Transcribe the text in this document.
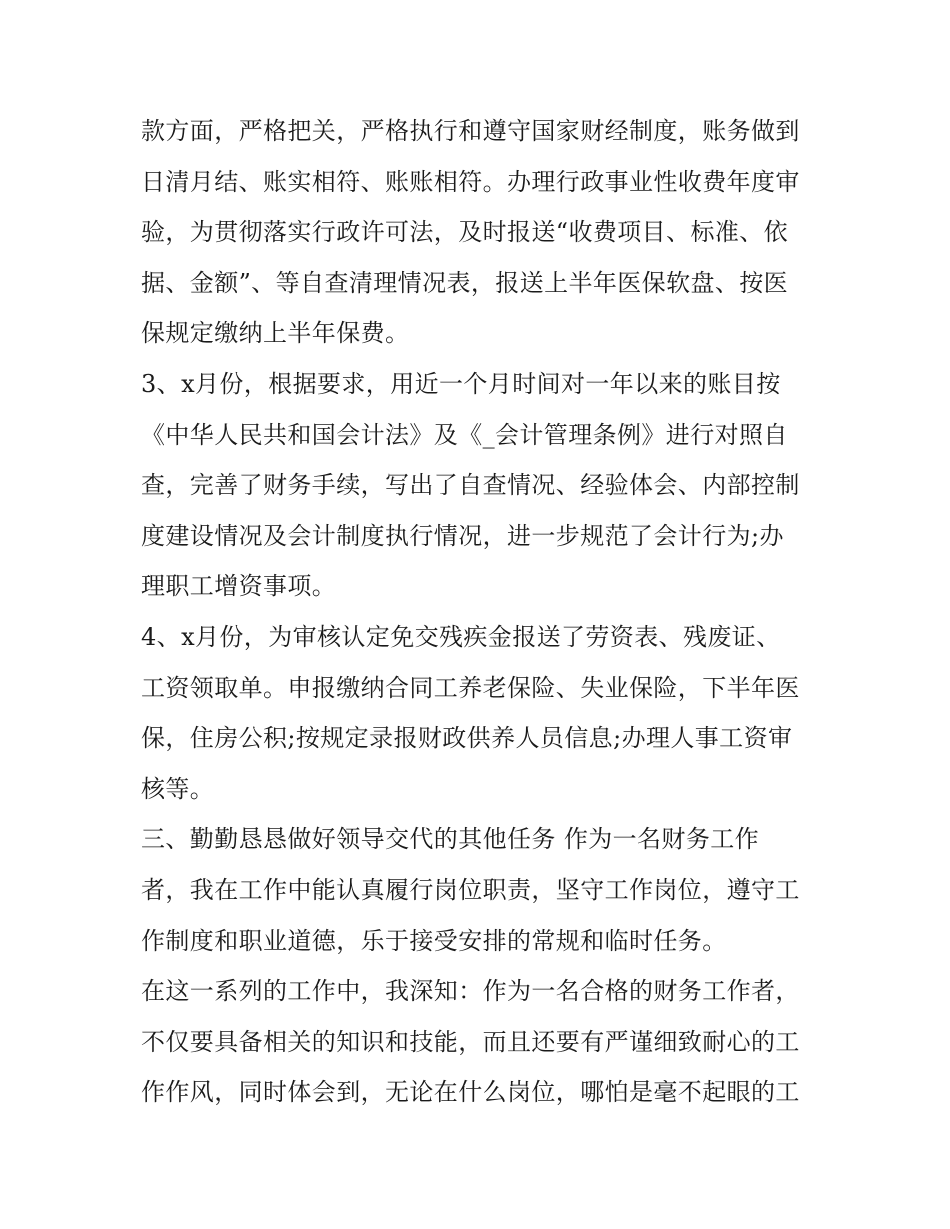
款方面，严格把关，严格执行和遵守国家财经制度，账务做到
日清月结、账实相符、账账相符。办理行政事业性收费年度审
验，为贯彻落实行政许可法，及时报送“收费项目、标准、依
据、金额”、等自查清理情况表，报送上半年医保软盘、按医
保规定缴纳上半年保费。
3、x月份，根据要求，用近一个月时间对一年以来的账目按
《中华人民共和国会计法》及《_会计管理条例》进行对照自
查，完善了财务手续，写出了自查情况、经验体会、内部控制
度建设情况及会计制度执行情况，进一步规范了会计行为;办
理职工增资事项。
4、x月份，为审核认定免交残疾金报送了劳资表、残废证、
工资领取单。申报缴纳合同工养老保险、失业保险，下半年医
保，住房公积;按规定录报财政供养人员信息;办理人事工资审
核等。
三、勤勤恳恳做好领导交代的其他任务 作为一名财务工作
者，我在工作中能认真履行岗位职责，坚守工作岗位，遵守工
作制度和职业道德，乐于接受安排的常规和临时任务。
在这一系列的工作中，我深知：作为一名合格的财务工作者，
不仅要具备相关的知识和技能，而且还要有严谨细致耐心的工
作作风，同时体会到，无论在什么岗位，哪怕是毫不起眼的工
